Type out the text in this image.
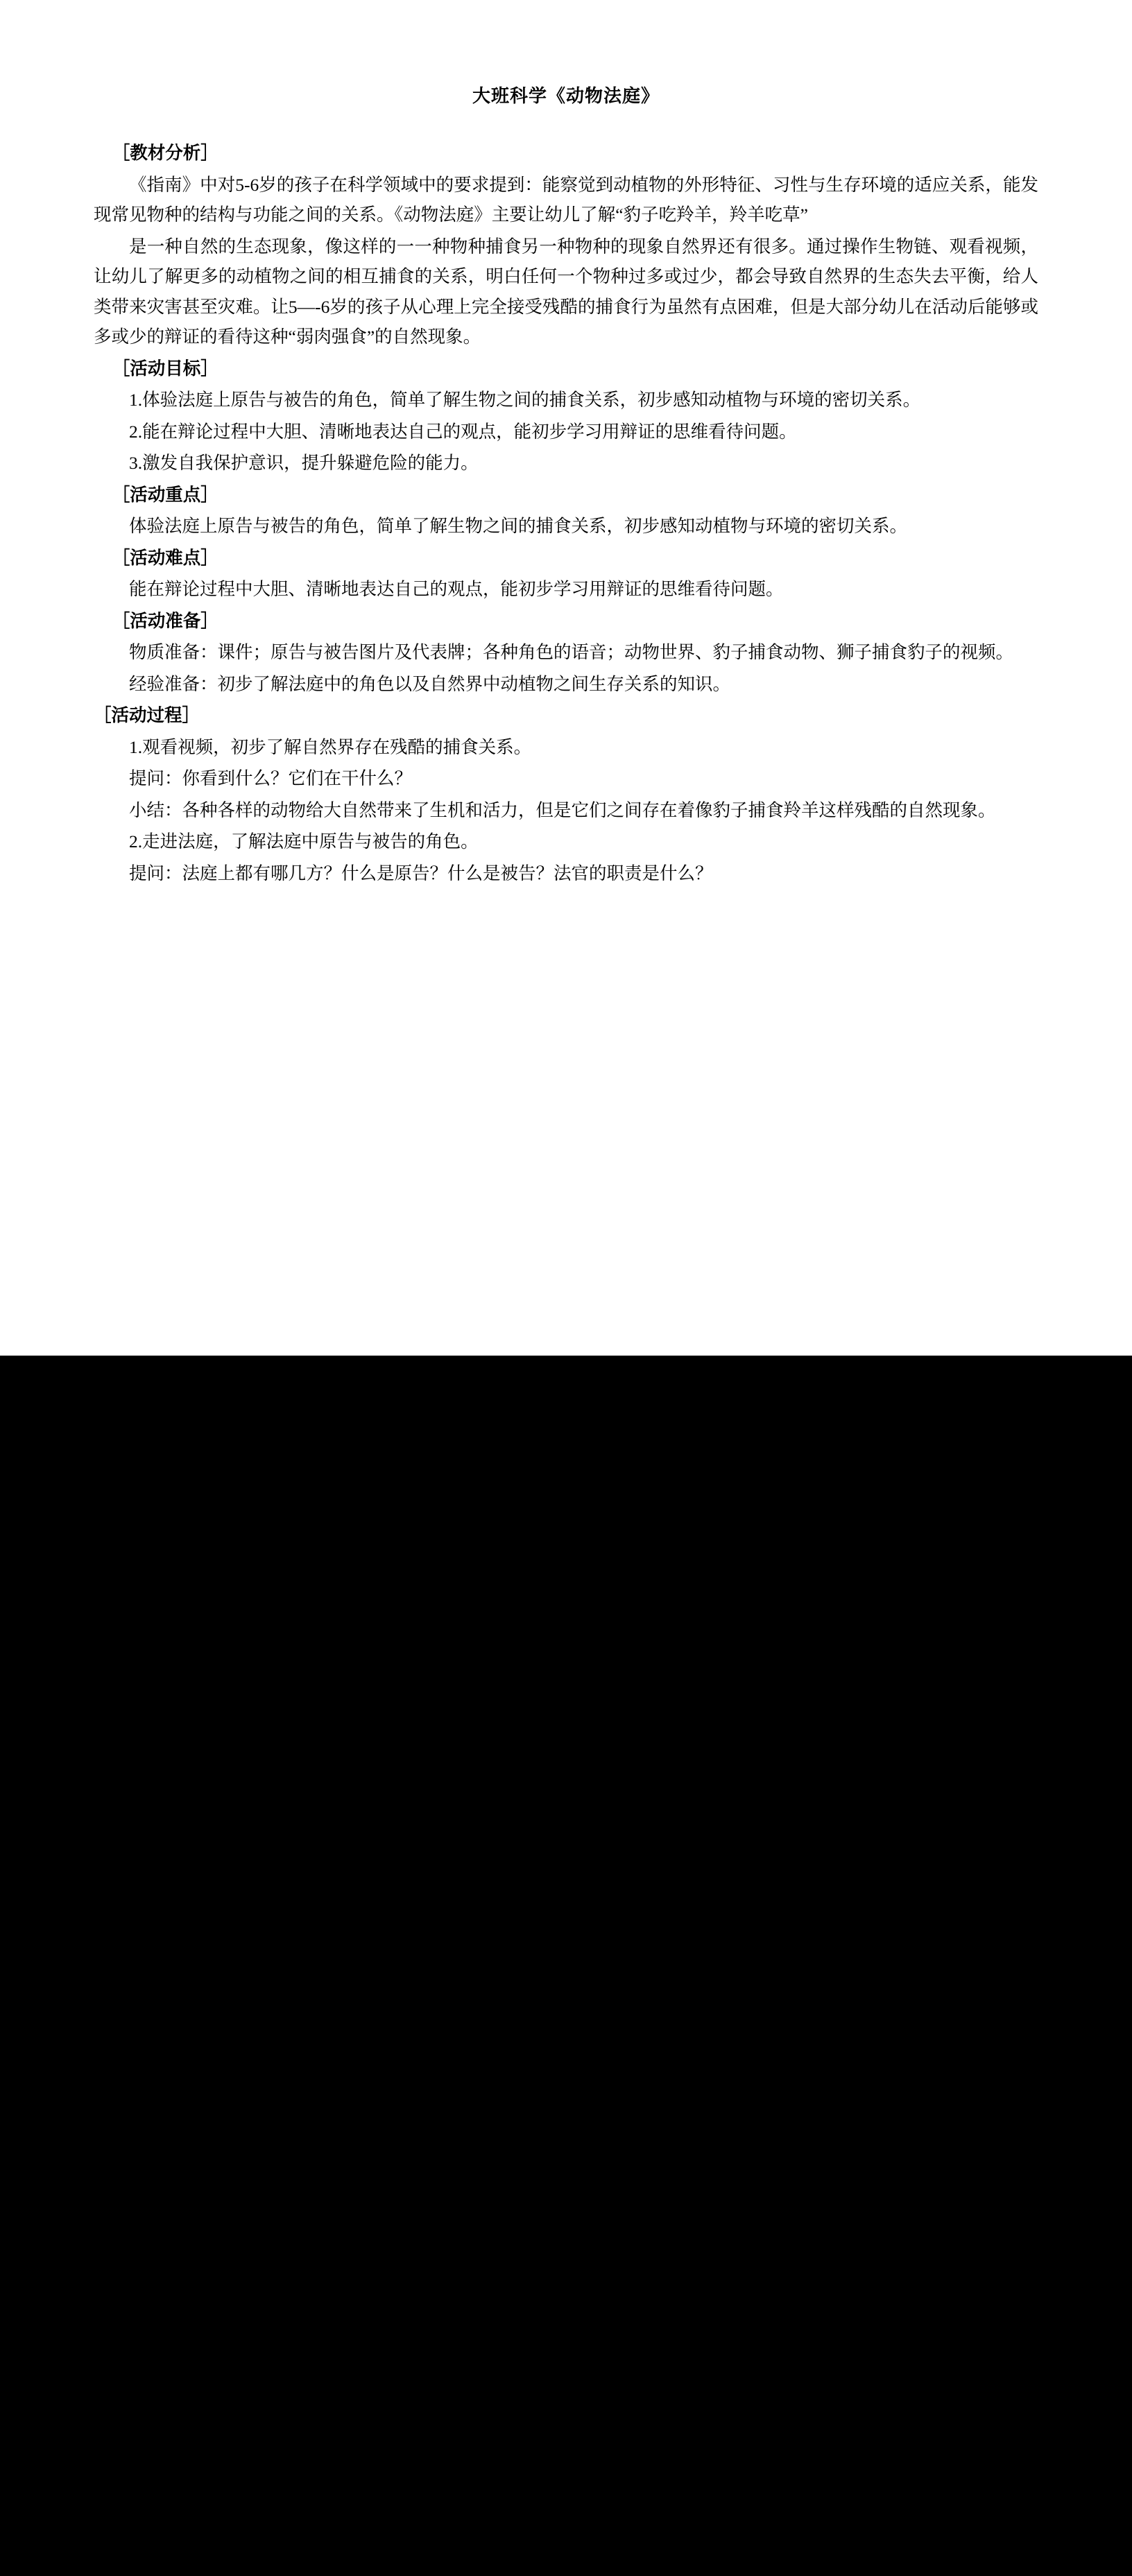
大班科学《动物法庭》

［教材分析］

《指南》中对5-6岁的孩子在科学领域中的要求提到：能察觉到动植物的外形特征、习性与生存环境的适应关系，能发现常见物种的结构与功能之间的关系。《动物法庭》主要让幼儿了解“豹子吃羚羊，羚羊吃草”

是一种自然的生态现象，像这样的一一种物种捕食另一种物种的现象自然界还有很多。通过操作生物链、观看视频，让幼儿了解更多的动植物之间的相互捕食的关系，明白任何一个物种过多或过少，都会导致自然界的生态失去平衡，给人类带来灾害甚至灾难。让5—-6岁的孩子从心理上完全接受残酷的捕食行为虽然有点困难，但是大部分幼儿在活动后能够或多或少的辩证的看待这种“弱肉强食”的自然现象。

［活动目标］

1.体验法庭上原告与被告的角色，简单了解生物之间的捕食关系，初步感知动植物与环境的密切关系。

2.能在辩论过程中大胆、清晰地表达自己的观点，能初步学习用辩证的思维看待问题。

3.激发自我保护意识，提升躲避危险的能力。

［活动重点］

体验法庭上原告与被告的角色，简单了解生物之间的捕食关系，初步感知动植物与环境的密切关系。

［活动难点］

能在辩论过程中大胆、清晰地表达自己的观点，能初步学习用辩证的思维看待问题。

［活动准备］

物质准备：课件；原告与被告图片及代表牌；各种角色的语音；动物世界、豹子捕食动物、狮子捕食豹子的视频。

经验准备：初步了解法庭中的角色以及自然界中动植物之间生存关系的知识。

［活动过程］

1.观看视频，初步了解自然界存在残酷的捕食关系。

提问：你看到什么？它们在干什么？

小结：各种各样的动物给大自然带来了生机和活力，但是它们之间存在着像豹子捕食羚羊这样残酷的自然现象。

2.走进法庭，了解法庭中原告与被告的角色。

提问：法庭上都有哪几方？什么是原告？什么是被告？法官的职责是什么？
